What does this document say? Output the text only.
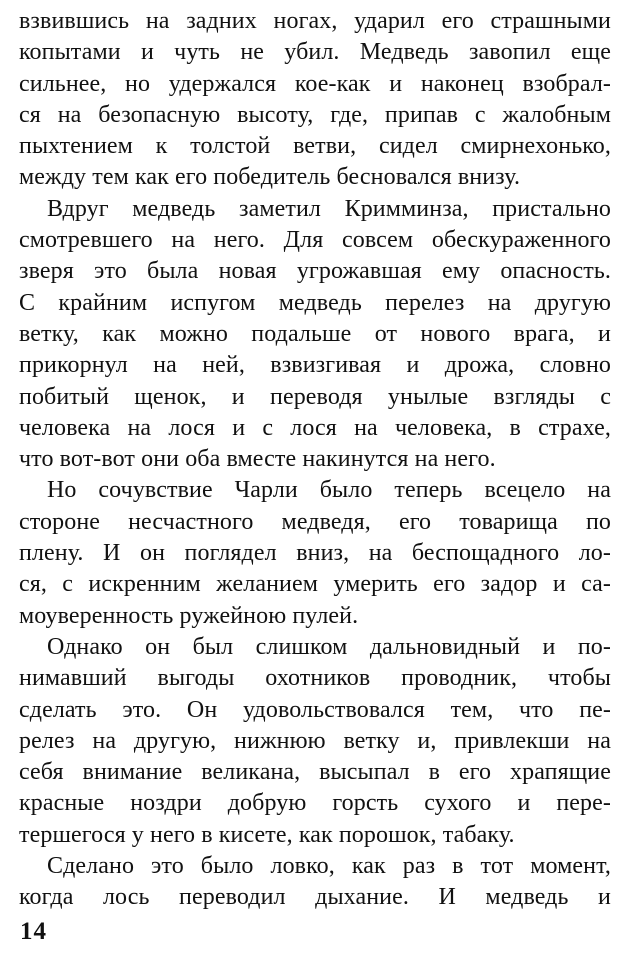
взвившись на задних ногах, ударил его страшными
копытами и чуть не убил. Медведь завопил еще
сильнее, но удержался кое-как и наконец взобрал-
ся на безопасную высоту, где, припав с жалобным
пыхтением к толстой ветви, сидел смирнехонько,
между тем как его победитель бесновался внизу.
Вдруг медведь заметил Кримминза, пристально
смотревшего на него. Для совсем обескураженного
зверя это была новая угрожавшая ему опасность.
С крайним испугом медведь перелез на другую
ветку, как можно подальше от нового врага, и
прикорнул на ней, взвизгивая и дрожа, словно
побитый щенок, и переводя унылые взгляды с
человека на лося и с лося на человека, в страхе,
что вот-вот они оба вместе накинутся на него.
Но сочувствие Чарли было теперь всецело на
стороне несчастного медведя, его товарища по
плену. И он поглядел вниз, на беспощадного ло-
ся, с искренним желанием умерить его задор и са-
моуверенность ружейною пулей.
Однако он был слишком дальновидный и по-
нимавший выгоды охотников проводник, чтобы
сделать это. Он удовольствовался тем, что пе-
релез на другую, нижнюю ветку и, привлекши на
себя внимание великана, высыпал в его храпящие
красные ноздри добрую горсть сухого и пере-
тершегося у него в кисете, как порошок, табаку.
Сделано это было ловко, как раз в тот момент,
когда лось переводил дыхание. И медведь и
14
